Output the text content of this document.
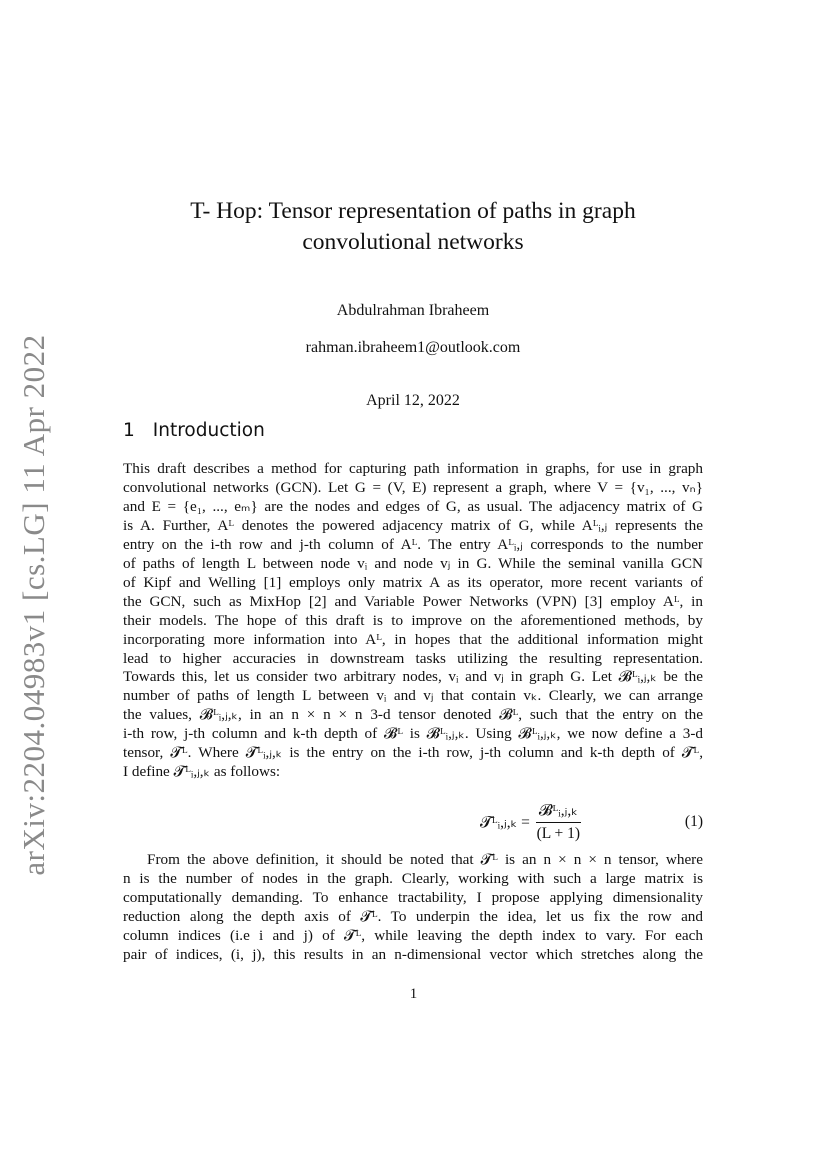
arXiv:2204.04983v1 [cs.LG] 11 Apr 2022
T- Hop: Tensor representation of paths in graph
convolutional networks
Abdulrahman Ibraheem
rahman.ibraheem1@outlook.com
April 12, 2022
1 Introduction
This draft describes a method for capturing path information in graphs, for use in graph
convolutional networks (GCN). Let G = (V, E) represent a graph, where V = {v₁, ..., vₙ}
and E = {e₁, ..., eₘ} are the nodes and edges of G, as usual. The adjacency matrix of G
is A. Further, Aᴸ denotes the powered adjacency matrix of G, while Aᴸᵢ,ⱼ represents the
entry on the i-th row and j-th column of Aᴸ. The entry Aᴸᵢ,ⱼ corresponds to the number
of paths of length L between node vᵢ and node vⱼ in G. While the seminal vanilla GCN
of Kipf and Welling [1] employs only matrix A as its operator, more recent variants of
the GCN, such as MixHop [2] and Variable Power Networks (VPN) [3] employ Aᴸ, in
their models. The hope of this draft is to improve on the aforementioned methods, by
incorporating more information into Aᴸ, in hopes that the additional information might
lead to higher accuracies in downstream tasks utilizing the resulting representation.
Towards this, let us consider two arbitrary nodes, vᵢ and vⱼ in graph G. Let 𝓑ᴸᵢ,ⱼ,ₖ be the
number of paths of length L between vᵢ and vⱼ that contain vₖ. Clearly, we can arrange
the values, 𝓑ᴸᵢ,ⱼ,ₖ, in an n × n × n 3-d tensor denoted 𝓑ᴸ, such that the entry on the
i-th row, j-th column and k-th depth of 𝓑ᴸ is 𝓑ᴸᵢ,ⱼ,ₖ. Using 𝓑ᴸᵢ,ⱼ,ₖ, we now define a 3-d
tensor, 𝓣ᴸ. Where 𝓣ᴸᵢ,ⱼ,ₖ is the entry on the i-th row, j-th column and k-th depth of 𝓣ᴸ,
I define 𝓣ᴸᵢ,ⱼ,ₖ as follows:
𝓣ᴸᵢ,ⱼ,ₖ = $\frac{\text{𝓑ᴸᵢ,ⱼ,ₖ}}{(L + 1)}$	(1)
From the above definition, it should be noted that 𝓣ᴸ is an n × n × n tensor, where
n is the number of nodes in the graph. Clearly, working with such a large matrix is
computationally demanding. To enhance tractability, I propose applying dimensionality
reduction along the depth axis of 𝓣ᴸ. To underpin the idea, let us fix the row and
column indices (i.e i and j) of 𝓣ᴸ, while leaving the depth index to vary. For each
pair of indices, (i, j), this results in an n-dimensional vector which stretches along the
1
